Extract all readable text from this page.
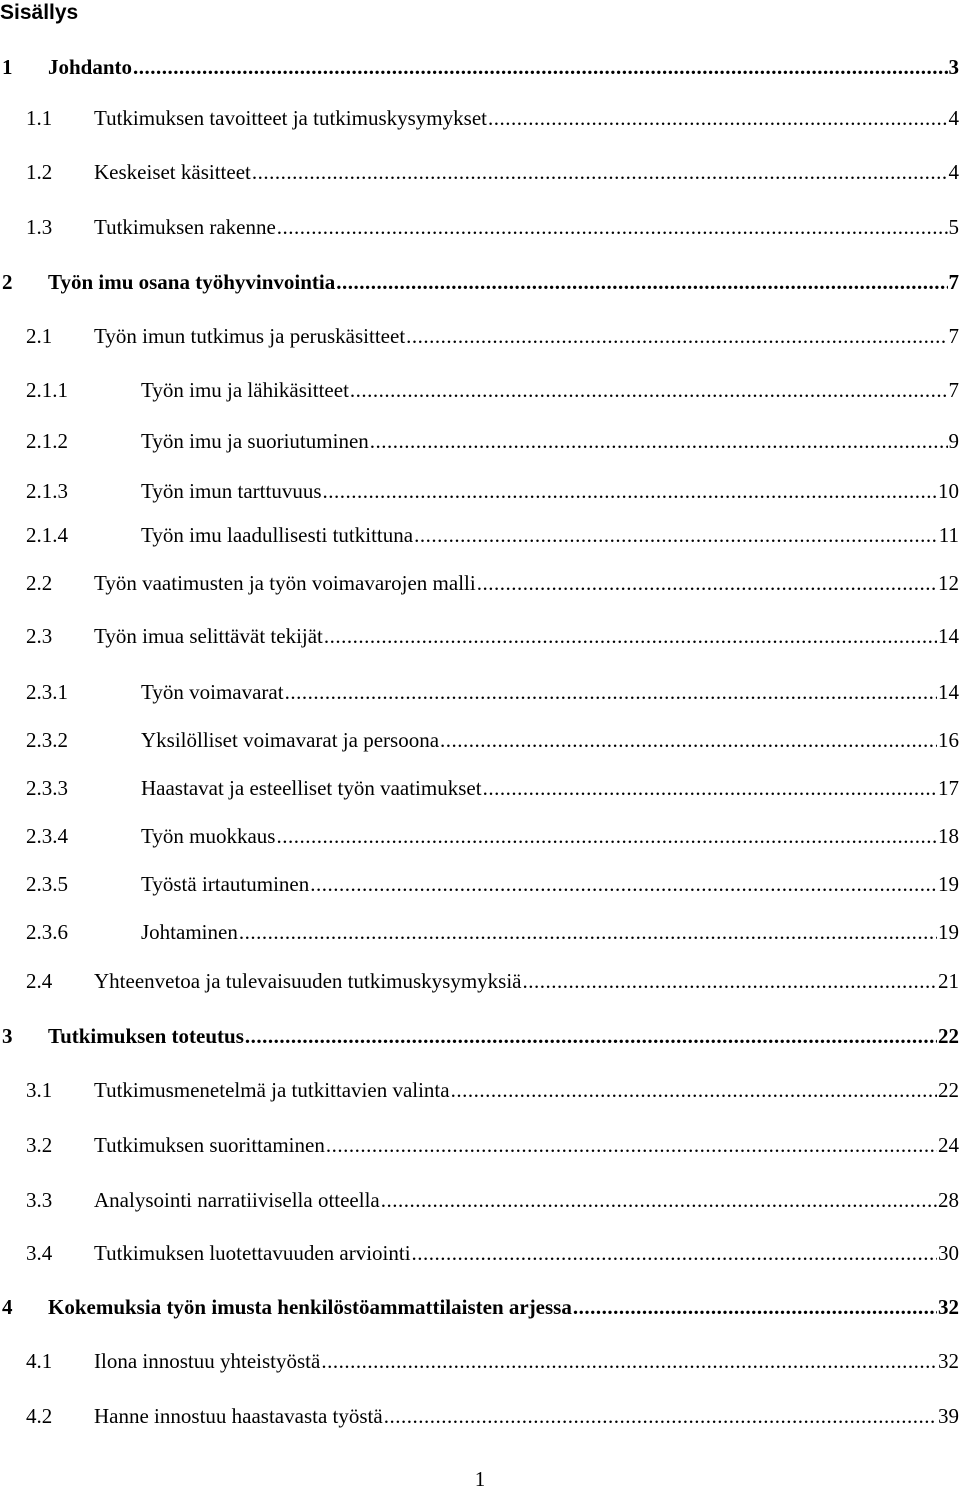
Sisällys
1 Johdanto .....	3
1.1 Tutkimuksen tavoitteet ja tutkimuskysymykset .....	4
1.2 Keskeiset käsitteet .....	4
1.3 Tutkimuksen rakenne .....	5
2 Työn imu osana työhyvinvointia .....	7
2.1 Työn imun tutkimus ja peruskäsitteet .....	7
2.1.1	Työn imu ja lähikäsitteet .....	7
2.1.2	Työn imu ja suoriutuminen .....	9
2.1.3	Työn imun tarttuvuus .....	10
2.1.4	Työn imu laadullisesti tutkittuna .....	11
2.2 Työn vaatimusten ja työn voimavarojen malli .....	12
2.3 Työn imua selittävät tekijät .....	14
2.3.1	Työn voimavarat .....	14
2.3.2	Yksilölliset voimavarat ja persoona .....	16
2.3.3	Haastavat ja esteelliset työn vaatimukset .....	17
2.3.4	Työn muokkaus .....	18
2.3.5	Työstä irtautuminen .....	19
2.3.6	Johtaminen .....	19
2.4 Yhteenvetoa ja tulevaisuuden tutkimuskysymyksiä .....	21
3 Tutkimuksen toteutus .....	22
3.1 Tutkimusmenetelmä ja tutkittavien valinta .....	22
3.2 Tutkimuksen suorittaminen .....	24
3.3 Analysointi narratiivisella otteella .....	28
3.4 Tutkimuksen luotettavuuden arviointi .....	30
4 Kokemuksia työn imusta henkilöstöammattilaisten arjessa .....	32
4.1 Ilona innostuu yhteistyöstä .....	32
4.2 Hanne innostuu haastavasta työstä .....	39
1
